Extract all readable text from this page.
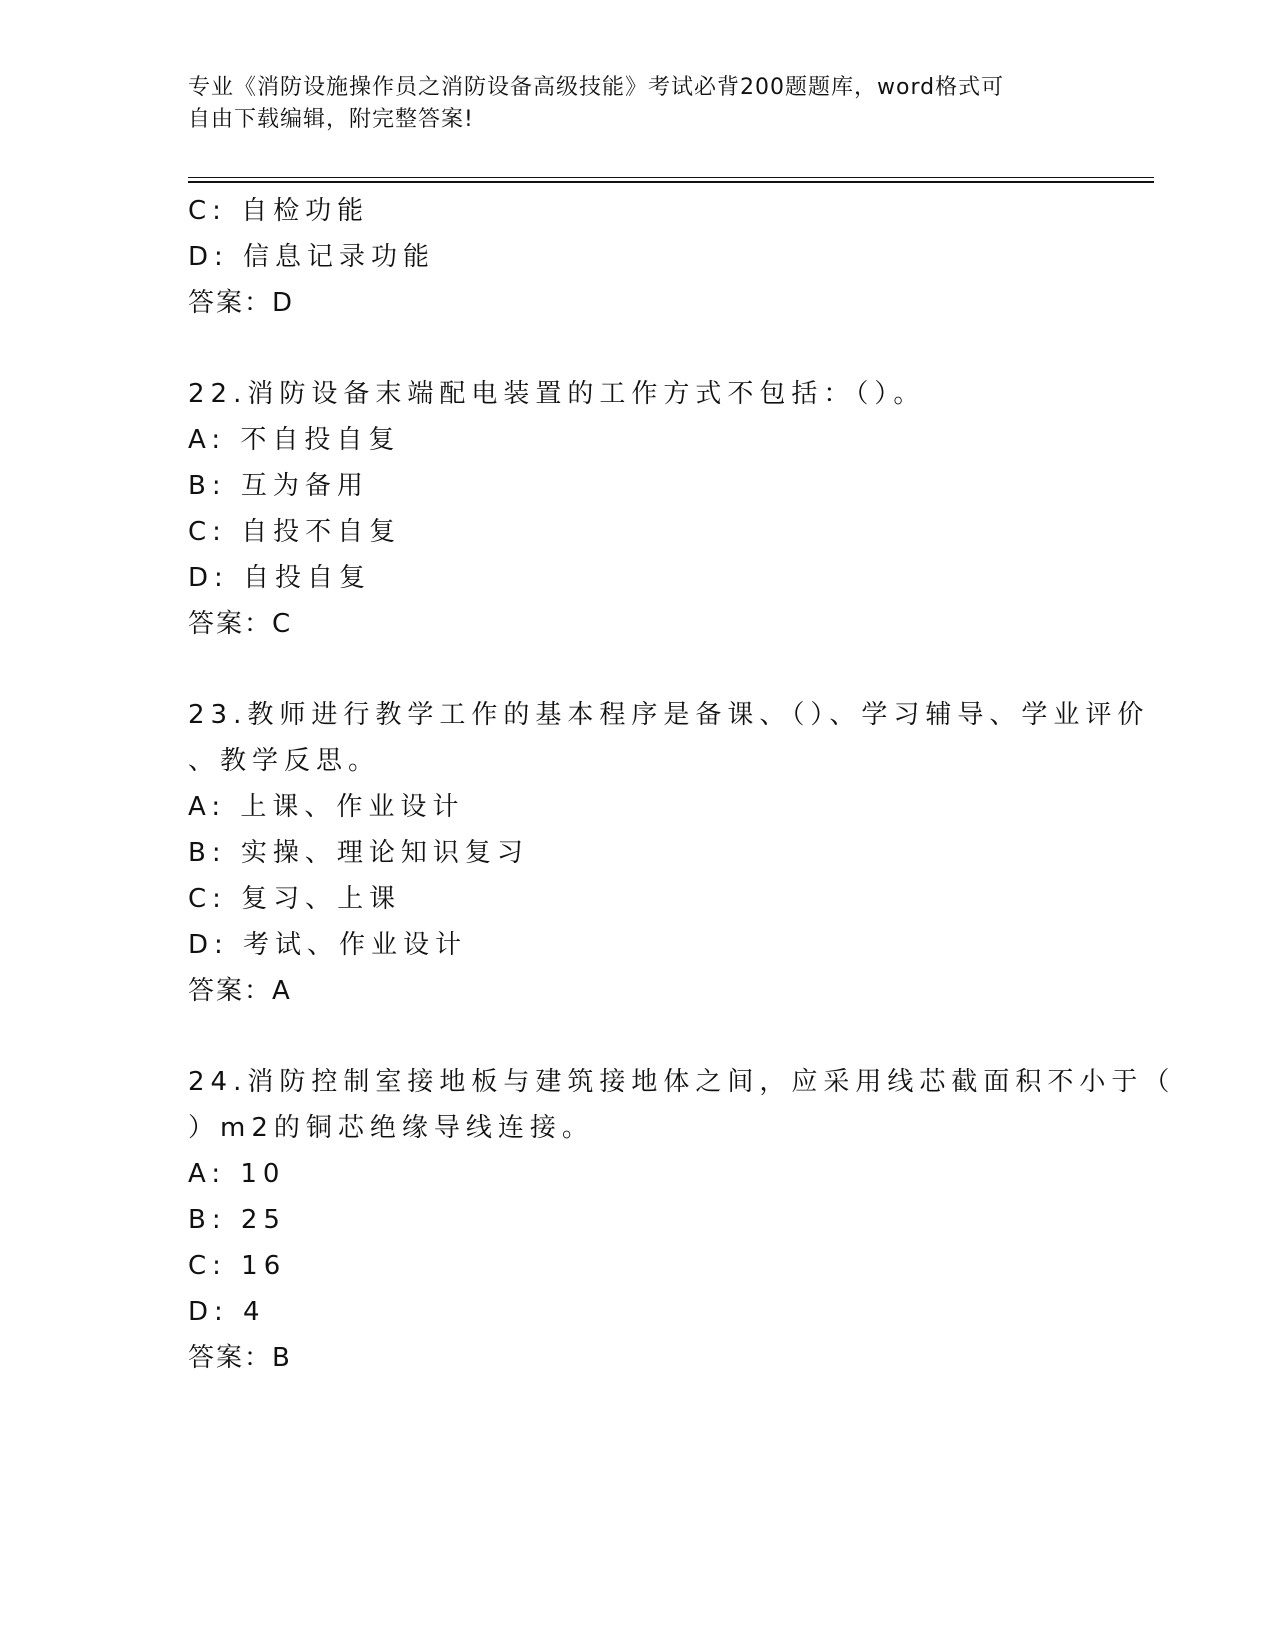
专业《消防设施操作员之消防设备高级技能》考试必背200题题库，word格式可

自由下载编辑，附完整答案!

C: 自检功能
D: 信息记录功能
答案：D
22.消防设备末端配电装置的工作方式不包括：（）。
A: 不自投自复
B: 互为备用
C: 自投不自复
D: 自投自复
答案：C
23.教师进行教学工作的基本程序是备课、（）、学习辅导、学业评价
、教学反思。
A: 上课、作业设计
B: 实操、理论知识复习
C: 复习、上课
D: 考试、作业设计
答案：A
24.消防控制室接地板与建筑接地体之间，应采用线芯截面积不小于（
）m2的铜芯绝缘导线连接。
A: 10
B: 25
C: 16
D: 4
答案：B
